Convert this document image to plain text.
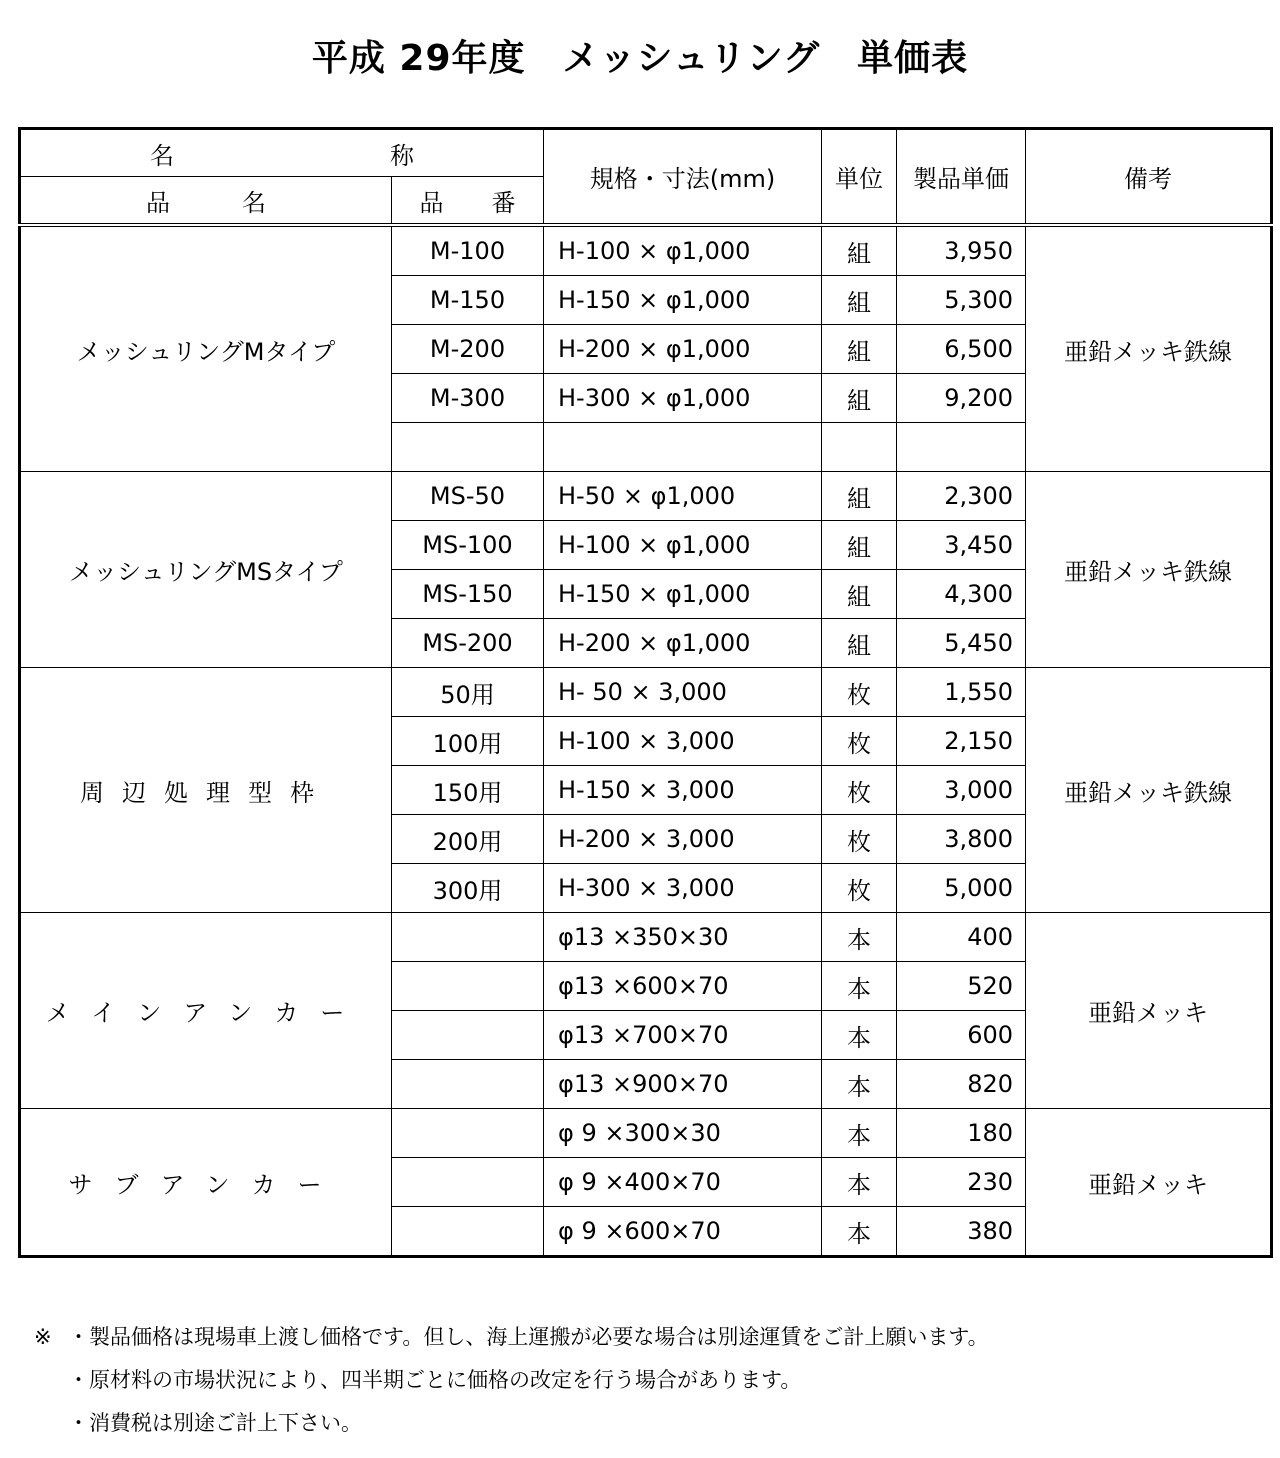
平成 29年度　メッシュリング　単価表
名　　　　　　　　　称		規格・寸法(mm)	単位	製品単価	備考
品　　　名	品　　番				
メッシュリングMタイプ	M-100	H-100 × φ1,000	組	3,950	亜鉛メッキ鉄線
	M-150	H-150 × φ1,000	組	5,300	
	M-200	H-200 × φ1,000	組	6,500	
	M-300	H-300 × φ1,000	組	9,200	

メッシュリングMSタイプ	MS-50	H-50 × φ1,000	組	2,300	亜鉛メッキ鉄線
	MS-100	H-100 × φ1,000	組	3,450	
	MS-150	H-150 × φ1,000	組	4,300	
	MS-200	H-200 × φ1,000	組	5,450	
周辺処理型枠	50用	H- 50 × 3,000	枚	1,550	亜鉛メッキ鉄線
	100用	H-100 × 3,000	枚	2,150	
	150用	H-150 × 3,000	枚	3,000	
	200用	H-200 × 3,000	枚	3,800	
	300用	H-300 × 3,000	枚	5,000	
メインアンカー		φ13 ×350×30	本	400	亜鉛メッキ
		φ13 ×600×70	本	520	
		φ13 ×700×70	本	600	
		φ13 ×900×70	本	820	
サブアンカー		φ 9 ×300×30	本	180	亜鉛メッキ
		φ 9 ×400×70	本	230	
		φ 9 ×600×70	本	380	
※ ・製品価格は現場車上渡し価格です。但し、海上運搬が必要な場合は別途運賃をご計上願います。
・原材料の市場状況により、四半期ごとに価格の改定を行う場合があります。
・消費税は別途ご計上下さい。
